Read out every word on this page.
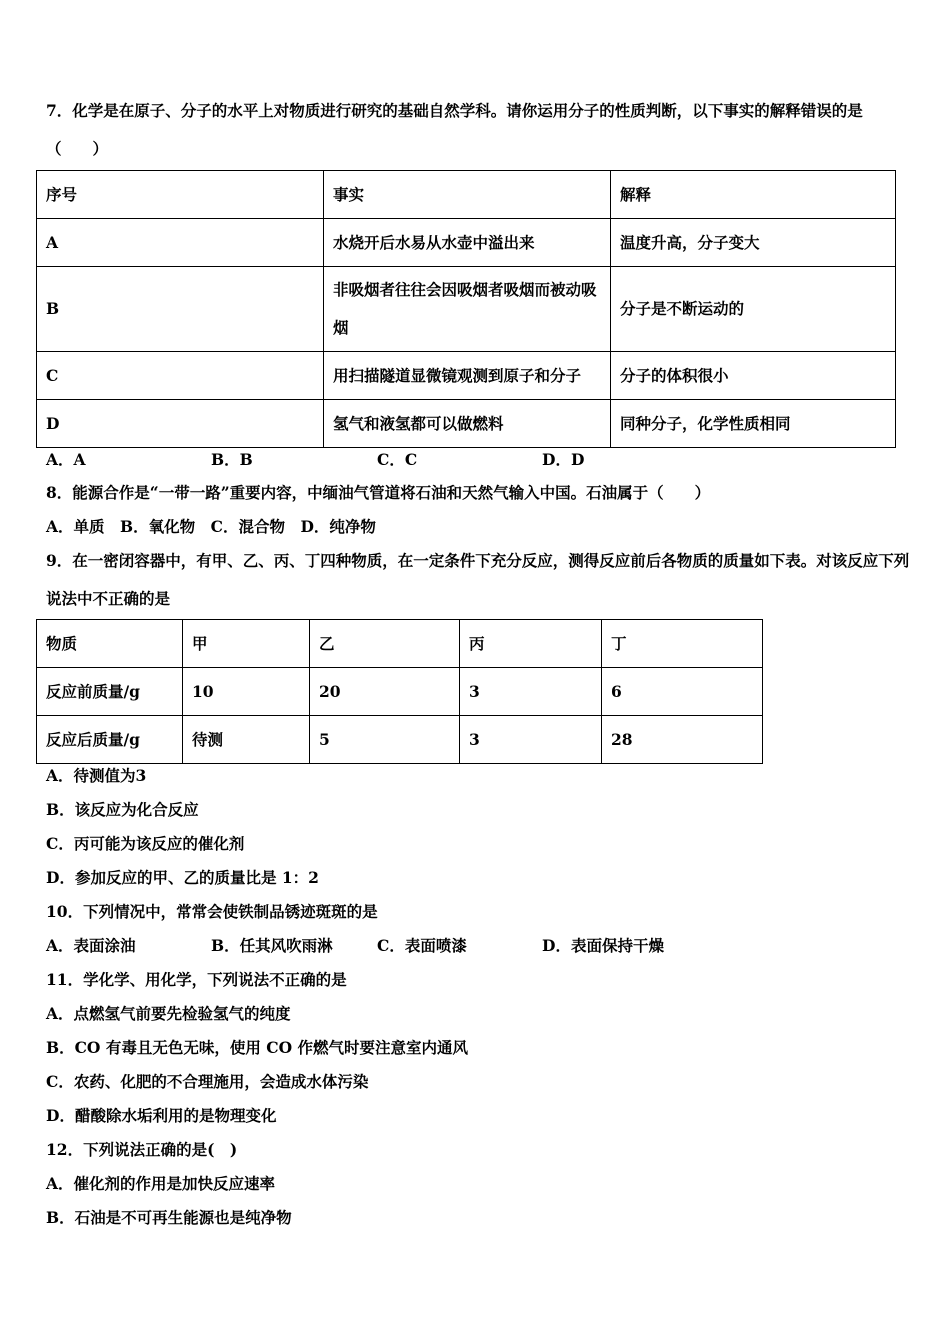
7．化学是在原子、分子的水平上对物质进行研究的基础自然学科。请你运用分子的性质判断，以下事实的解释错误的是（　　）
序号	事实	解释
A	水烧开后水易从水壶中溢出来	温度升高，分子变大
B	非吸烟者往往会因吸烟者吸烟而被动吸烟	分子是不断运动的
C	用扫描隧道显微镜观测到原子和分子	分子的体积很小
D	氢气和液氢都可以做燃料	同种分子，化学性质相同
A．A	B．B	C．C	D．D
8．能源合作是“一带一路”重要内容，中缅油气管道将石油和天然气输入中国。石油属于（　　）
A．单质　B．氧化物　C．混合物　D．纯净物
9．在一密闭容器中，有甲、乙、丙、丁四种物质，在一定条件下充分反应，测得反应前后各物质的质量如下表。对该反应下列说法中不正确的是
物质	甲	乙	丙	丁
反应前质量/g	10	20	3	6
反应后质量/g	待测	5	3	28
A．待测值为3
B．该反应为化合反应
C．丙可能为该反应的催化剂
D．参加反应的甲、乙的质量比是 1：2
10．下列情况中，常常会使铁制品锈迹斑斑的是
A．表面涂油	B．任其风吹雨淋	C．表面喷漆	D．表面保持干燥
11．学化学、用化学，下列说法不正确的是
A．点燃氢气前要先检验氢气的纯度
B．CO 有毒且无色无味，使用 CO 作燃气时要注意室内通风
C．农药、化肥的不合理施用，会造成水体污染
D．醋酸除水垢利用的是物理变化
12．下列说法正确的是(　)
A．催化剂的作用是加快反应速率
B．石油是不可再生能源也是纯净物
